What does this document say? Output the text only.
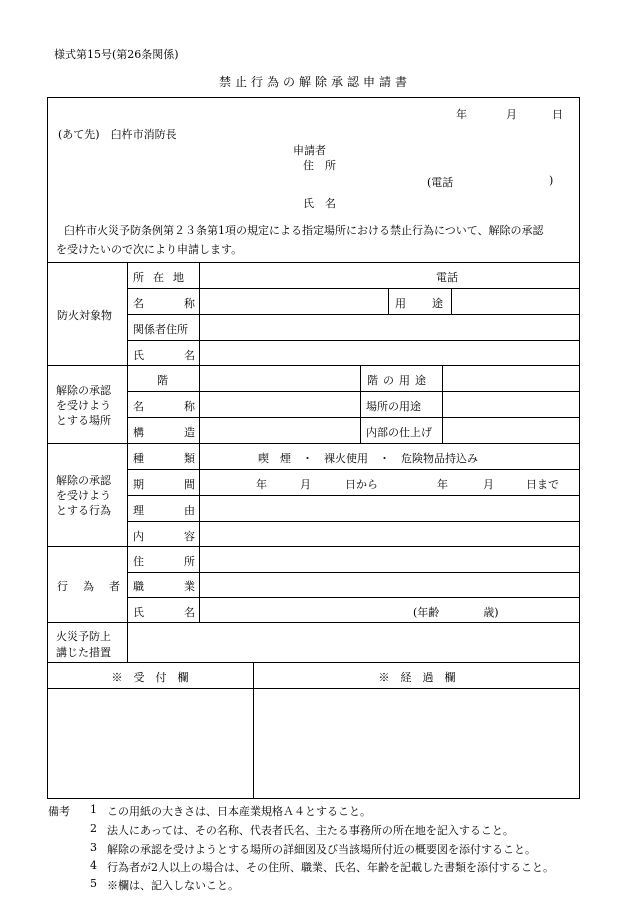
様式第15号(第26条関係)
禁止行為の解除承認申請書
年	月	日
(あて先)　臼杵市消防長
申請者
住　所
(電話	)
氏　名
臼杵市火災予防条例第２３条第1項の規定による指定場所における禁止行為について、解除の承認
を受けたいので次により申請します。
防火対象物
所在地	電話
名称	用途
関係者住所
氏名
解除の承認
を受けよう
とする場所
階	階の用途
名称	場所の用途
構造	内部の仕上げ
解除の承認
を受けよう
とする行為
種類 喫　煙　・　裸火使用　・　危険物品持込み
期間 年	月	日から	年	月	日まで
理由
内容
行為者
住所
職業
氏名	(年齢　　　　歳)
火災予防上
講じた措置
※　受　付　欄	※　経　過　欄
備考 1 この用紙の大きさは、日本産業規格Ａ４とすること。
2 法人にあっては、その名称、代表者氏名、主たる事務所の所在地を記入すること。
3 解除の承認を受けようとする場所の詳細図及び当該場所付近の概要図を添付すること。
4 行為者が2人以上の場合は、その住所、職業、氏名、年齢を記載した書類を添付すること。
5 ※欄は、記入しないこと。
